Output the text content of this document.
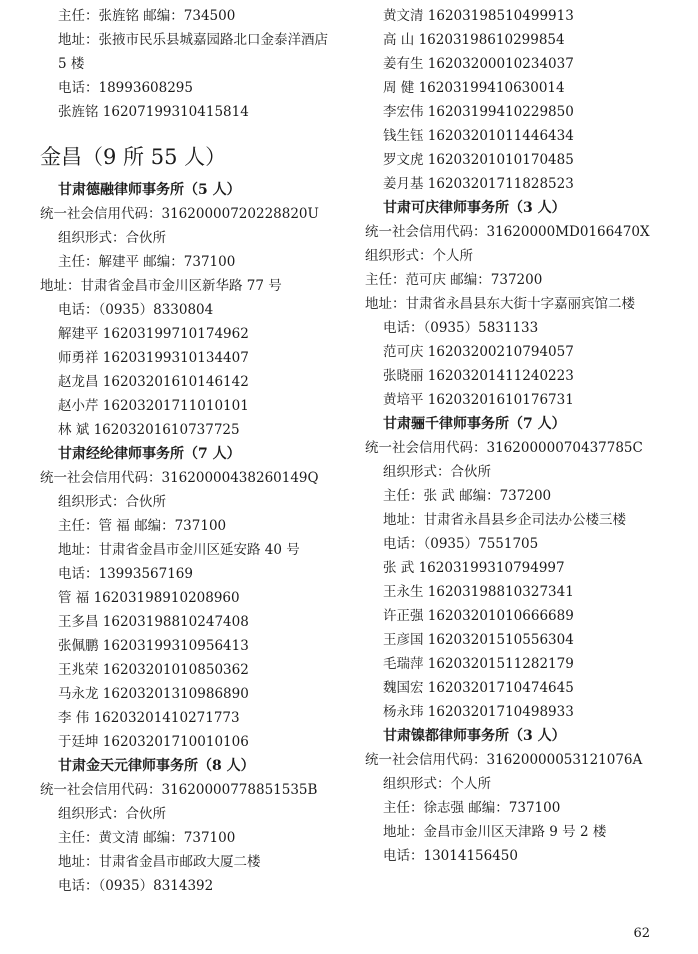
主任：张旌铭 邮编：734500
地址：张掖市民乐县城嘉园路北口金泰洋酒店 5 楼
电话：18993608295
张旌铭 16207199310415814
金昌（9 所 55 人）
甘肃德融律师事务所（5 人）
统一社会信用代码：31620000720228820U
组织形式：合伙所
主任：解建平 邮编：737100
地址：甘肃省金昌市金川区新华路 77 号
电话：（0935）8330804
解建平 16203199710174962
师勇祥 16203199310134407
赵龙昌 16203201610146142
赵小芹 16203201711010101
林 斌 16203201610737725
甘肃经纶律师事务所（7 人）
统一社会信用代码：31620000438260149Q
组织形式：合伙所
主任：管 福 邮编：737100
地址：甘肃省金昌市金川区延安路 40 号
电话：13993567169
管 福 16203198910208960
王多昌 16203198810247408
张佩鹏 16203199310956413
王兆荣 16203201010850362
马永龙 16203201310986890
李 伟 16203201410271773
于廷坤 16203201710010106
甘肃金天元律师事务所（8 人）
统一社会信用代码：31620000778851535B
组织形式：合伙所
主任：黄文清 邮编：737100
地址：甘肃省金昌市邮政大厦二楼
电话：（0935）8314392
黄文清 16203198510499913
高 山 16203198610299854
姜有生 16203200010234037
周 健 16203199410630014
李宏伟 16203199410229850
钱生钰 16203201011446434
罗文虎 16203201010170485
姜月基 16203201711828523
甘肃可庆律师事务所（3 人）
统一社会信用代码：31620000MD0166470X
组织形式：个人所
主任：范可庆 邮编：737200
地址：甘肃省永昌县东大街十字嘉丽宾馆二楼
电话：（0935）5831133
范可庆 16203200210794057
张晓丽 16203201411240223
黄培平 16203201610176731
甘肃骊千律师事务所（7 人）
统一社会信用代码：31620000070437785C
组织形式：合伙所
主任：张 武 邮编：737200
地址：甘肃省永昌县乡企司法办公楼三楼
电话：（0935）7551705
张 武 16203199310794997
王永生 16203198810327341
许正强 16203201010666689
王彦国 16203201510556304
毛瑞萍 16203201511282179
魏国宏 16203201710474645
杨永玮 16203201710498933
甘肃镍都律师事务所（3 人）
统一社会信用代码：31620000053121076A
组织形式：个人所
主任：徐志强 邮编：737100
地址：金昌市金川区天津路 9 号 2 楼
电话：13014156450
62
